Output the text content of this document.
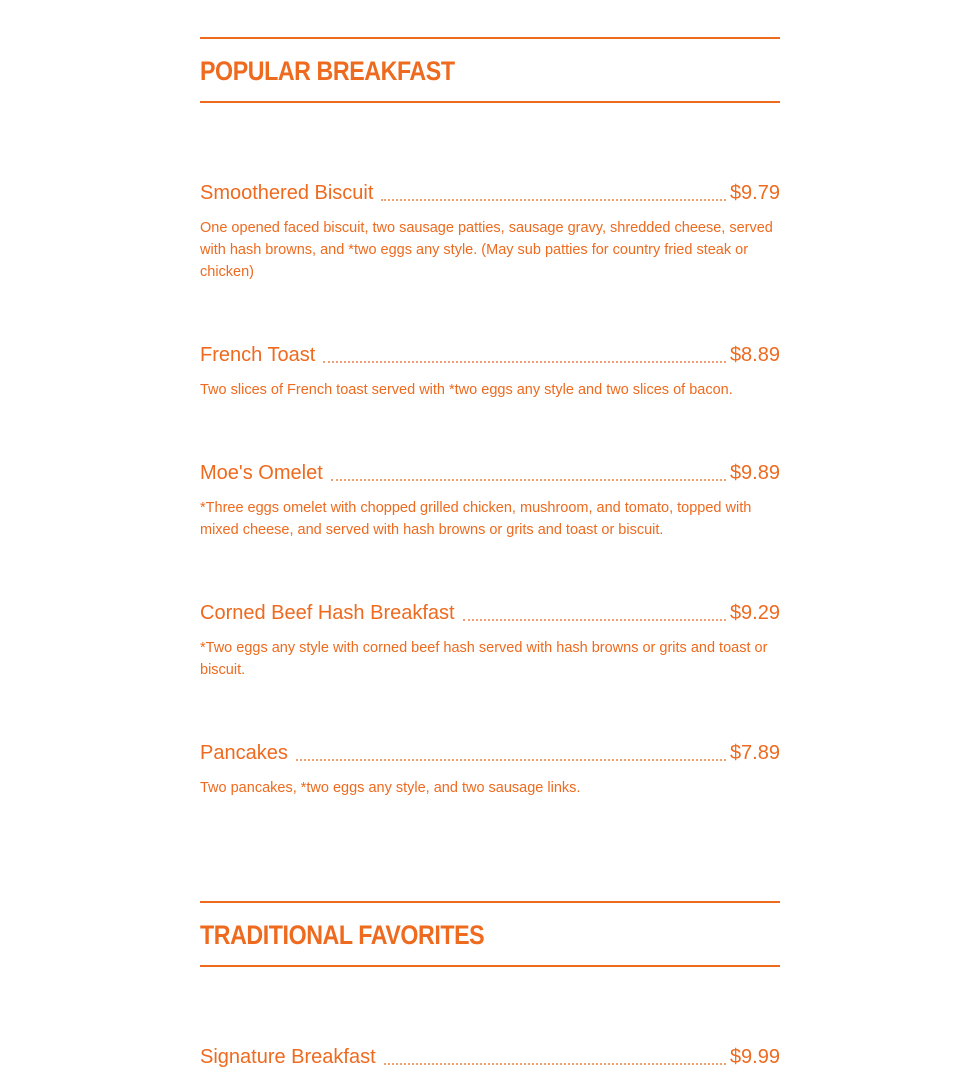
POPULAR BREAKFAST
Smoothered Biscuit	$9.79
One opened faced biscuit, two sausage patties, sausage gravy, shredded cheese, served with hash browns, and *two eggs any style. (May sub patties for country fried steak or chicken)
French Toast	$8.89
Two slices of French toast served with *two eggs any style and two slices of bacon.
Moe's Omelet	$9.89
*Three eggs omelet with chopped grilled chicken, mushroom, and tomato, topped with mixed cheese, and served with hash browns or grits and toast or biscuit.
Corned Beef Hash Breakfast	$9.29
*Two eggs any style with corned beef hash served with hash browns or grits and toast or biscuit.
Pancakes	$7.89
Two pancakes, *two eggs any style, and two sausage links.
TRADITIONAL FAVORITES
Signature Breakfast	$9.99
